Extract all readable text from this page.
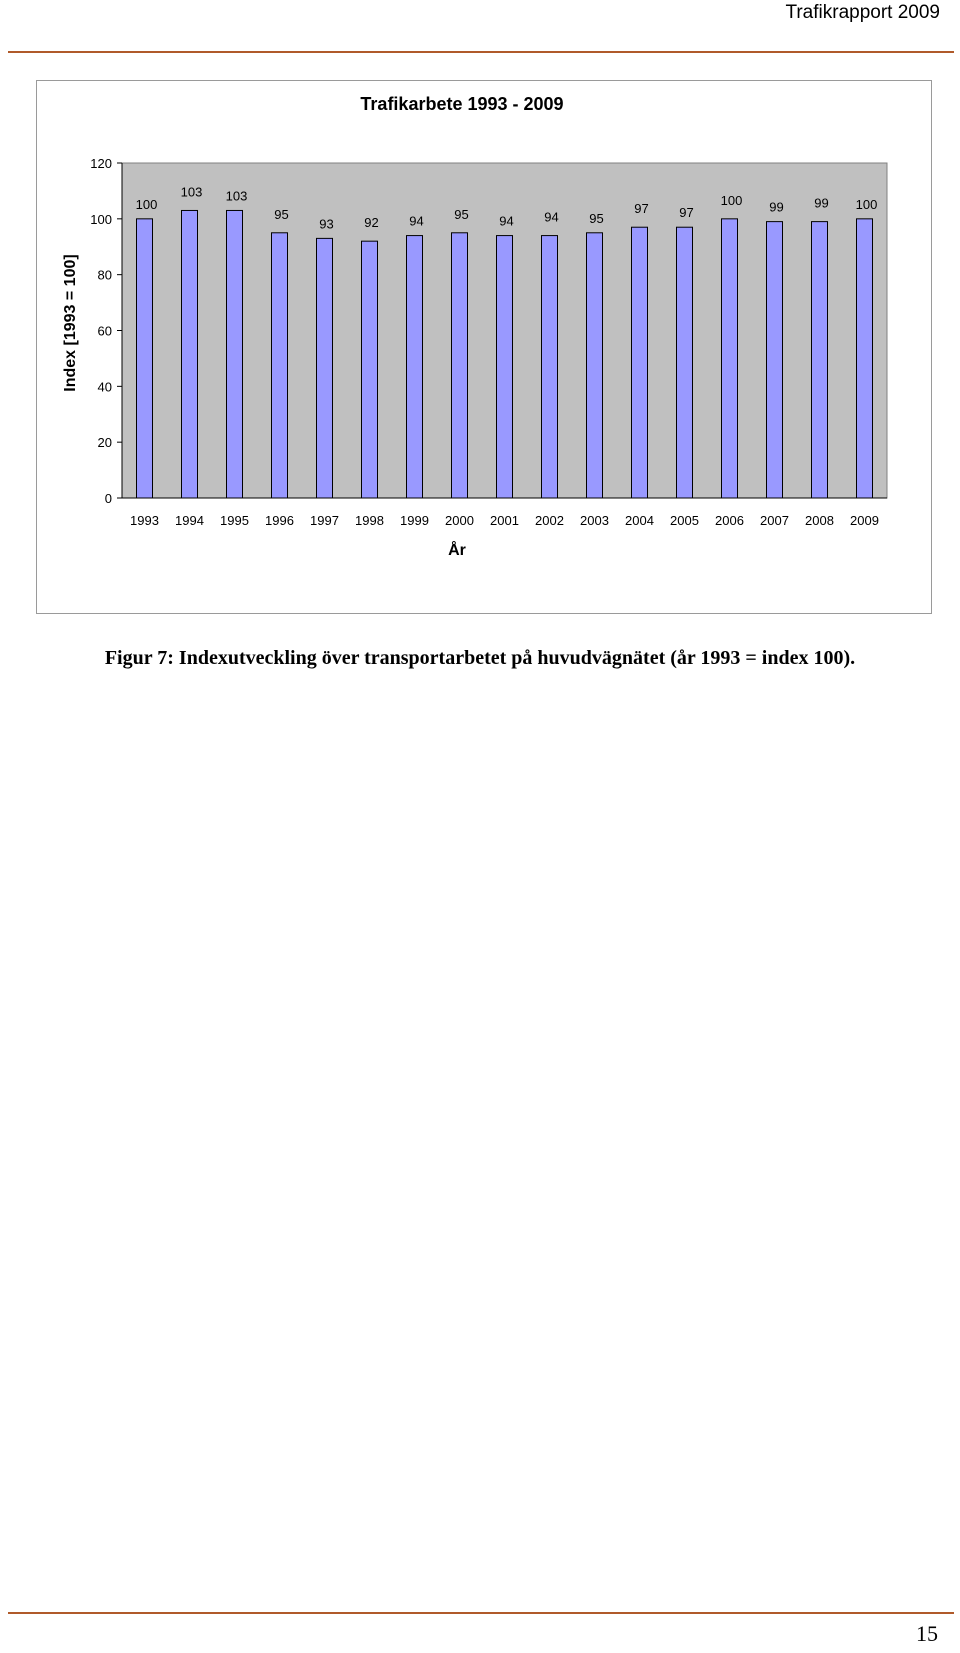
Trafikrapport 2009
Trafikarbete 1993 - 2009
Index [1993 = 100]
År
0
20
40
60
80
100
120
100
1993
103
1994
103
1995
95
1996
93
1997
92
1998
94
1999
95
2000
94
2001
94
2002
95
2003
97
2004
97
2005
100
2006
99
2007
99
2008
100
2009
Figur 7: Indexutveckling över transportarbetet på huvudvägnätet (år 1993 = index 100).
15
